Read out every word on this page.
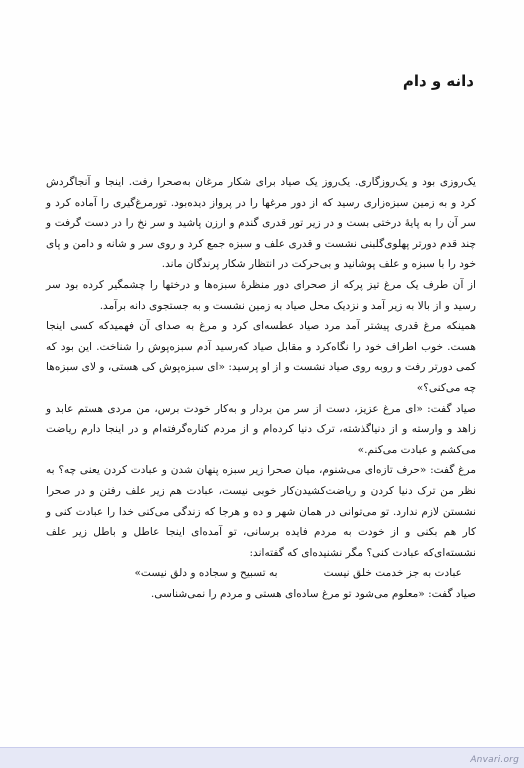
دانه و دام

یک‌روزی بود و یک‌روزگاری. یک‌روز یک صیاد برای شکار مرغان به‌صحرا رفت. اینجا و آنجاگردش کرد و به زمین سبزه‌زاری رسید که از دور مرغها را در پرواز دیده‌بود. تورمرغ‌گیری را آماده کرد و سر آن را به پایهٔ درختی بست و در زیر تور قدری گندم و ارزن پاشید و سر نخ را در دست گرفت و چند قدم دورتر پهلوی‌گلبنی نشست و قدری علف و سبزه جمع کرد و روی سر و شانه و دامن و پای خود را با سبزه و علف پوشانید و بی‌حرکت در انتظار شکار پرندگان ماند.

از آن طرف یک مرغ تیز پرکه از صحرای دور منظرهٔ سبزه‌ها و درختها را چشمگیر کرده بود سر رسید و از بالا به زیر آمد و نزدیک محل صیاد به زمین نشست و به جستجوی دانه برآمد.

همینکه مرغ قدری پیشتر آمد مرد صیاد عطسه‌ای کرد و مرغ به صدای آن فهمیدکه کسی اینجا هست. خوب اطراف خود را نگاه‌کرد و مقابل صیاد که‌رسید آدم سبزه‌پوش را شناخت. این بود که کمی دورتر رفت و روبه روی صیاد نشست و از او پرسید: «ای سبزه‌پوش کی هستی، و لای سبزه‌ها چه می‌کنی؟»

صیاد گفت: «ای مرغ عزیز، دست از سر من بردار و به‌کار خودت برس، من مردی هستم عابد و زاهد و وارسته و از دنیاگذشته، ترک دنیا کرده‌ام و از مردم کناره‌گرفته‌ام و در اینجا دارم ریاضت می‌کشم و عبادت می‌کنم.»

مرغ گفت: «حرف تازه‌ای می‌شنوم، میان صحرا زیر سبزه پنهان شدن و عبادت کردن یعنی چه؟ به نظر من ترک دنیا کردن و ریاضت‌کشیدن‌کار خوبی نیست، عبادت هم زیر علف رفتن و در صحرا نشستن لازم ندارد. تو می‌توانی در همان شهر و ده و هرجا که زندگی می‌کنی خدا را عبادت کنی و کار هم بکنی و از خودت به مردم فایده برسانی، تو آمده‌ای اینجا عاطل و باطل زیر علف نشسته‌ای‌که عبادت کنی؟ مگر نشنیده‌ای که گفته‌اند:

عبادت به جز خدمت خلق نیست
به تسبیح و سجاده و دلق نیست»

صیاد گفت: «معلوم می‌شود تو مرغ ساده‌ای هستی و مردم را نمی‌شناسی.

Anvari.org
